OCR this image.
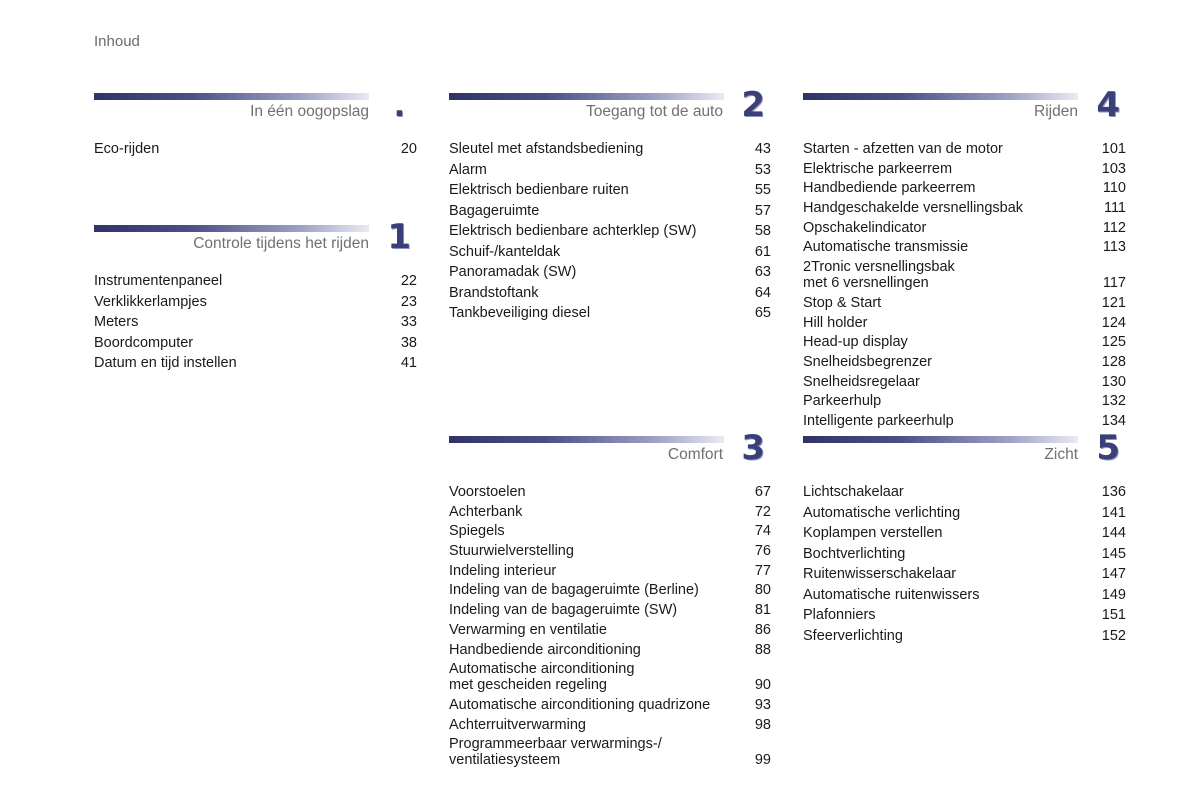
Inhoud
In één oogopslag .
Eco-rijden	20
Controle tijdens het rijden 1
Instrumentenpaneel	22
Verklikkerlampjes	23
Meters	33
Boordcomputer	38
Datum en tijd instellen	41
Toegang tot de auto 2
Sleutel met afstandsbediening	43
Alarm	53
Elektrisch bedienbare ruiten	55
Bagageruimte	57
Elektrisch bedienbare achterklep (SW)	58
Schuif-/kanteldak	61
Panoramadak (SW)	63
Brandstoftank	64
Tankbeveiliging diesel	65
Comfort 3
Voorstoelen	67
Achterbank	72
Spiegels	74
Stuurwielverstelling	76
Indeling interieur	77
Indeling van de bagageruimte (Berline)	80
Indeling van de bagageruimte (SW)	81
Verwarming en ventilatie	86
Handbediende airconditioning	88
Automatische airconditioning
met gescheiden regeling	90
Automatische airconditioning quadrizone	93
Achterruitverwarming	98
Programmeerbaar verwarmings-/
ventilatiesysteem	99
Rijden 4
Starten - afzetten van de motor	101
Elektrische parkeerrem	103
Handbediende parkeerrem	110
Handgeschakelde versnellingsbak	111
Opschakelindicator	112
Automatische transmissie	113
2Tronic versnellingsbak
met 6 versnellingen	117
Stop & Start	121
Hill holder	124
Head-up display	125
Snelheidsbegrenzer	128
Snelheidsregelaar	130
Parkeerhulp	132
Intelligente parkeerhulp	134
Zicht 5
Lichtschakelaar	136
Automatische verlichting	141
Koplampen verstellen	144
Bochtverlichting	145
Ruitenwisserschakelaar	147
Automatische ruitenwissers	149
Plafonniers	151
Sfeerverlichting	152
